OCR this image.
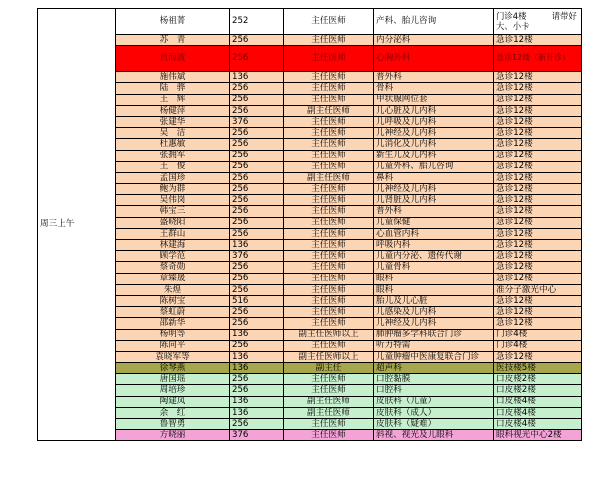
周三上午	杨祖菁	252	主任医师	产科、胎儿咨询	门诊4楼　　　请带好大、小卡
	苏　青	256	主任医师	内分泌科	急诊12楼
	肖海波	256	主任医师	心胸外科	急诊12楼（新开诊）
	施伟斌	136	主任医师	普外科	急诊12楼
	陆　骅	256	主任医师	骨科	急诊12楼
	王　辉	256	主任医师	甲状腺网位套	急诊12楼
	杨健萍	256	副主任医师	儿心脏及儿内科	急诊12楼
	张建华	376	主任医师	儿呼吸及儿内科	急诊12楼
	吴　洁	256	主任医师	儿神经及儿内科	急诊12楼
	杜惠敏	256	主任医师	儿消化及儿内科	急诊12楼
	张拥军	256	主任医师	新生儿及儿内科	急诊12楼
	王　俊	256	主任医师	儿童外科、胎儿咨询	急诊12楼
	孟国珍	256	副主任医师	鼻科	急诊12楼
	鲍为群	256	主任医师	儿神经及儿内科	急诊12楼
	吴伟岗	256	主任医师	儿肾脏及儿内科	急诊12楼
	韩宝三	256	主任医师	普外科	急诊12楼
	盛晓阳	256	主任医师	儿童保健	急诊12楼
	王群山	256	主任医师	心血管内科	急诊12楼
	林建海	136	主任医师	呼吸内科	急诊12楼
	顾学范	376	主任医师	儿童内分泌、遗传代谢	急诊12楼
	蔡奇勋	256	主任医师	儿童骨科	急诊12楼
	章臻晟	256	主任医师	眼科	急诊12楼
	朱煌	256	主任医师	眼科	准分子激光中心
	陈树宝	516	主任医师	胎儿及儿心脏	急诊12楼
	蔡虹蔚	256	主任医师	儿感染及儿内科	急诊12楼
	邵新华	256	主任医师	儿神经及儿内科	急诊12楼
	杨明等	136	副主任医师以上	肺肿瘤多学科联合门诊	门诊4楼
	陈向平	256	主任医师	听力特需	门诊4楼
	袁晓军等	136	副主任医师以上	儿童肿瘤中医康复联合门诊	急诊12楼
	徐琴燕	136	副主任	超声科	医技楼5楼
	唐国瑶	256	主任医师	口腔黏膜	口皮楼2楼
	周培珍	256	主任医师	口腔科	口皮楼2楼
	陶建凤	136	副主任医师	皮肤科（儿童）	口皮楼4楼
	余　红	136	副主任医师	皮肤科（成人）	口皮楼4楼
	鲁智勇	256	主任医师	皮肤科（疑难）	口皮楼4楼
	方晓丽	376	主任医师	斜视、视光及儿眼科	眼科视光中心2楼
